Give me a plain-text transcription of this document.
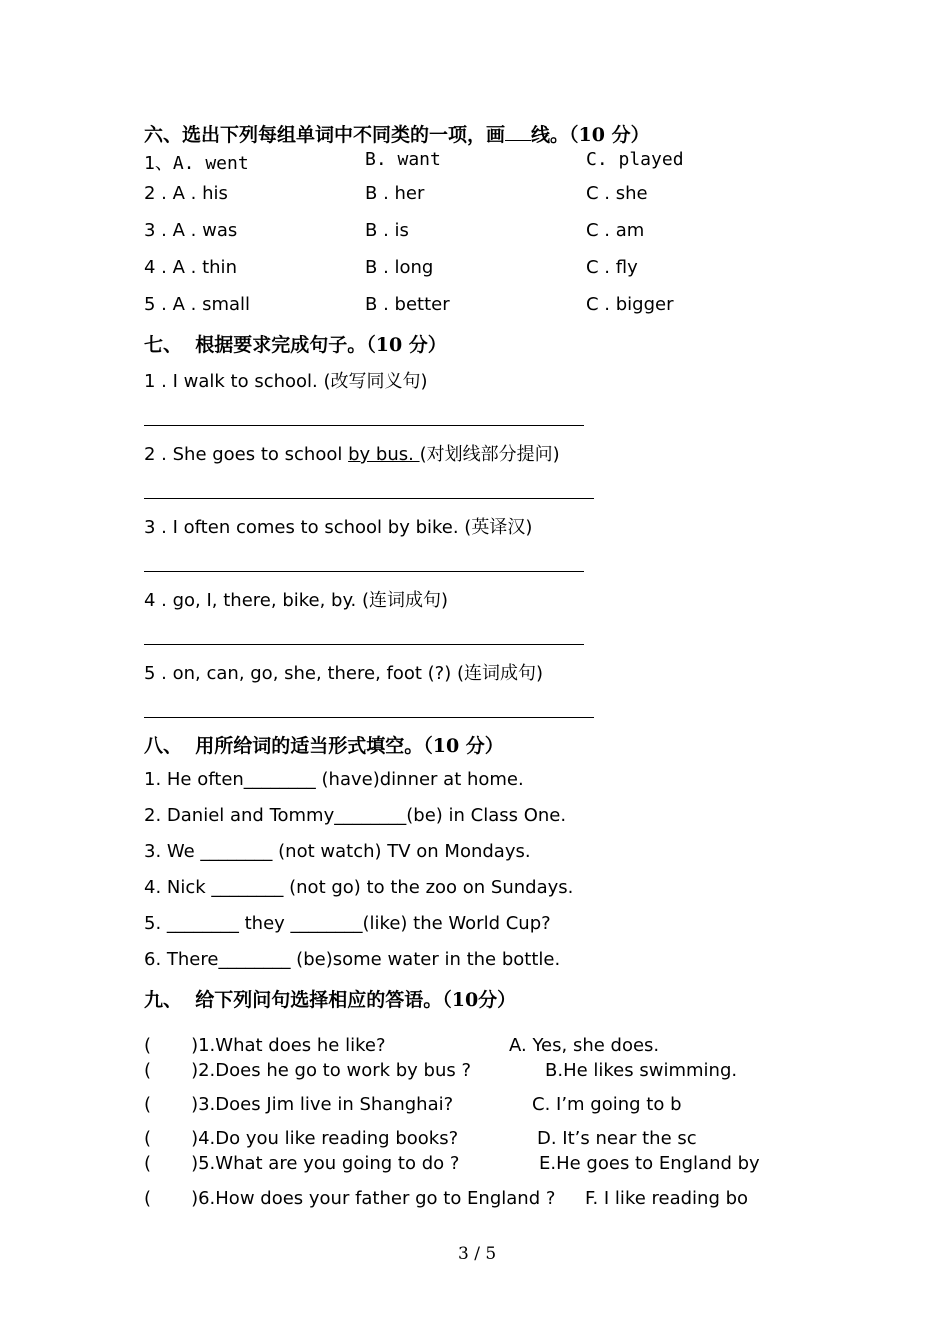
六、选出下列每组单词中不同类的一项，画 线。（10 分）
1、A. went	B. want	C. played
2 . A . his	B . her	C . she
3 . A . was	B . is	C . am
4 . A . thin	B . long	C . fly
5 . A . small	B . better	C . bigger
七、  根据要求完成句子。（10 分）
1 . I walk to school. (改写同义句)
2 . She goes to school by bus. (对划线部分提问)
3 . I often comes to school by bike. (英译汉)
4 . go, I, there, bike, by. (连词成句)
5 . on, can, go, she, there, foot (?) (连词成句)
八、  用所给词的适当形式填空。（10 分）
1. He often________ (have)dinner at home.
2. Daniel and Tommy________(be) in Class One.
3. We ________ (not watch) TV on Mondays.
4. Nick ________ (not go) to the zoo on Sundays.
5. ________ they ________(like) the World Cup?
6. There________ (be)some water in the bottle.
九、  给下列问句选择相应的答语。（10分）
(       )1.What does he like?	A. Yes, she does.
(       )2.Does he go to work by bus ?	B.He likes swimming.
(       )3.Does Jim live in Shanghai?	C. I’m going to b
(       )4.Do you like reading books?	D. It’s near the sc
(       )5.What are you going to do ?	E.He goes to England by
(       )6.How does your father go to England ? F. I like reading bo
3 / 5
